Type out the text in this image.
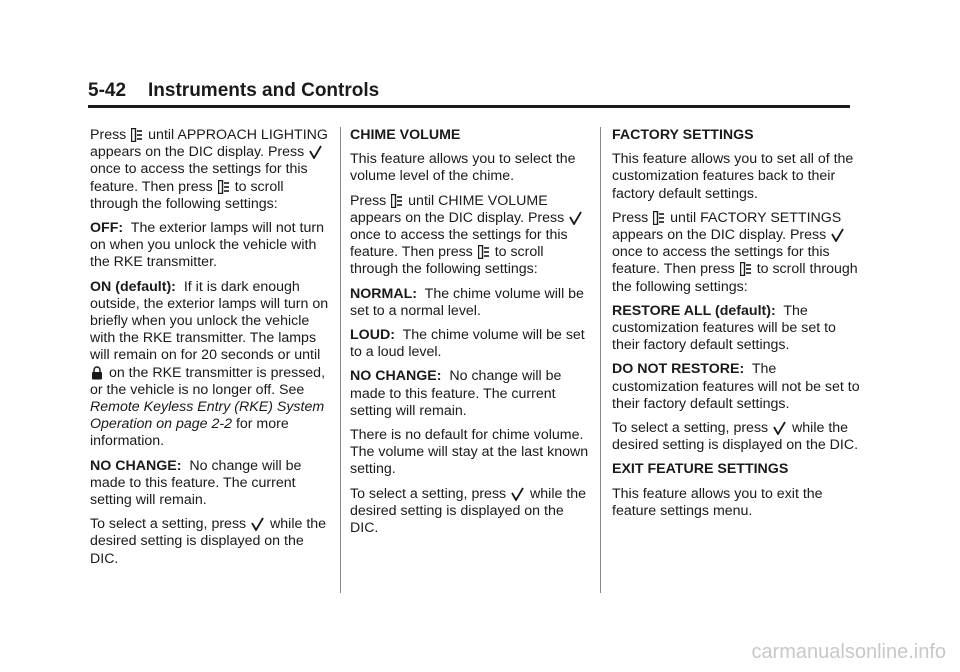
5-42 Instruments and Controls

Press until APPROACH LIGHTING appears on the DIC display. Press  once to access the settings for this feature. Then press to scroll through the following settings:

OFF: The exterior lamps will not turn on when you unlock the vehicle with the RKE transmitter.

ON (default): If it is dark enough outside, the exterior lamps will turn on briefly when you unlock the vehicle with the RKE transmitter. The lamps will remain on for 20 seconds or until  on the RKE transmitter is pressed, or the vehicle is no longer off. See Remote Keyless Entry (RKE) System Operation on page 2-2 for more information.

NO CHANGE: No change will be made to this feature. The current setting will remain.

To select a setting, press while the desired setting is displayed on the DIC.

CHIME VOLUME

This feature allows you to select the volume level of the chime.

Press until CHIME VOLUME appears on the DIC display. Press  once to access the settings for this feature. Then press to scroll through the following settings:

NORMAL: The chime volume will be set to a normal level.

LOUD: The chime volume will be set to a loud level.

NO CHANGE: No change will be made to this feature. The current setting will remain.

There is no default for chime volume. The volume will stay at the last known setting.

To select a setting, press while the desired setting is displayed on the DIC.

FACTORY SETTINGS

This feature allows you to set all of the customization features back to their factory default settings.

Press until FACTORY SETTINGS appears on the DIC display. Press  once to access the settings for this feature. Then press to scroll through the following settings:

RESTORE ALL (default): The customization features will be set to their factory default settings.

DO NOT RESTORE: The customization features will not be set to their factory default settings.

To select a setting, press while the desired setting is displayed on the DIC.

EXIT FEATURE SETTINGS

This feature allows you to exit the feature settings menu.

carmanualsonline.info
